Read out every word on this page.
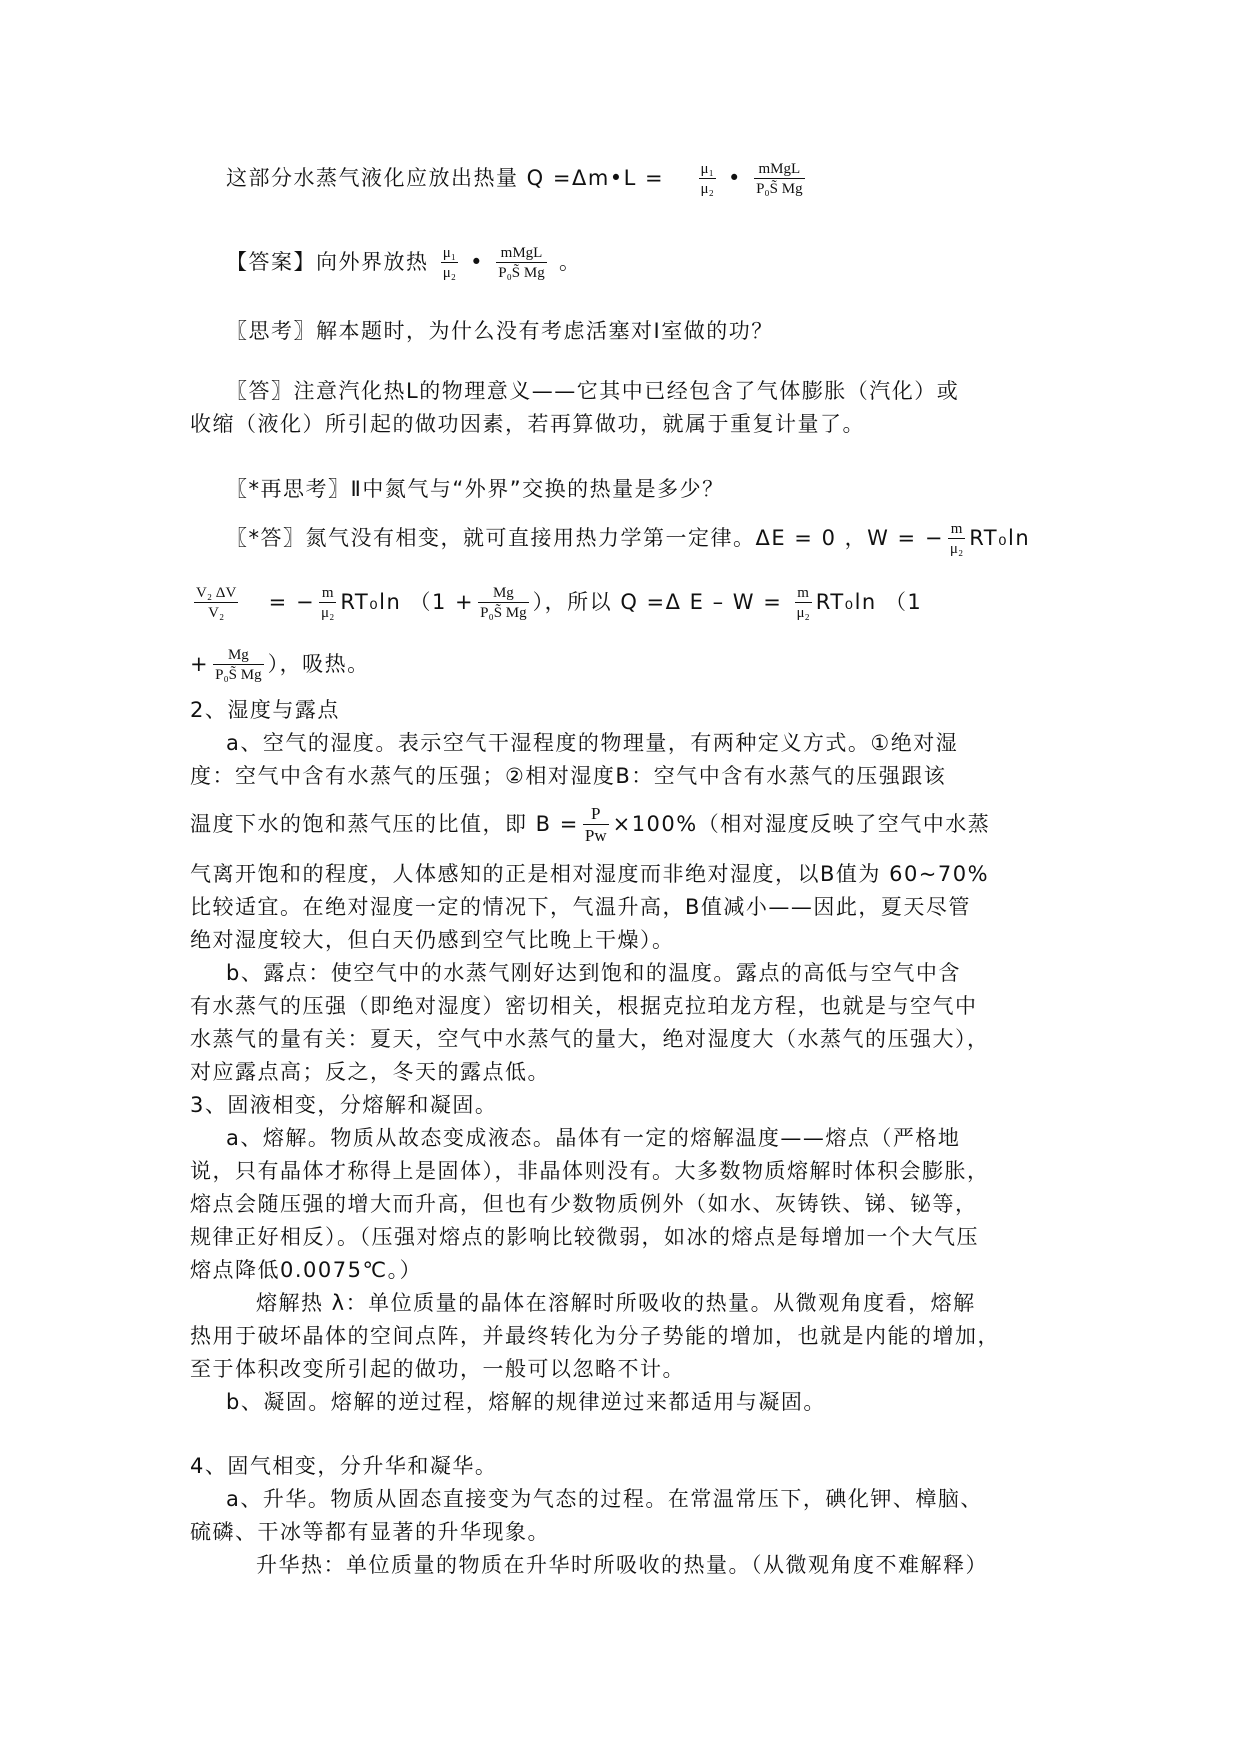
这部分水蒸气液化应放出热量 Q =Δm•L = $\frac{\text{μ₁}}{\text{μ₂}}$ • $\frac{\text{mMgL}}{\text{P₀S̃ Mg}}$
【答案】向外界放热 $\frac{\text{μ₁}}{\text{μ₂}}$ • $\frac{\text{mMgL}}{\text{P₀S̃ Mg}}$ 。
〖思考〗解本题时，为什么没有考虑活塞对Ⅰ室做的功？
〖答〗注意汽化热L的物理意义——它其中已经包含了气体膨胀（汽化）或
收缩（液化）所引起的做功因素，若再算做功，就属于重复计量了。
〖*再思考〗Ⅱ中氮气与“外界”交换的热量是多少？
〖*答〗氮气没有相变，就可直接用热力学第一定律。ΔE = 0 ，W = − $\frac{m}{\text{μ₂}} RT_0\ln$
$\frac{\text{V₂ ΔV}}{\text{V₂}}$ = − $\frac{m}{\text{μ₂}} RT_0\ln$ （$1 + \frac{Mg}{\text{P₀S̃ Mg}}$ ），所以 Q =Δ $E - W = \frac{m}{\text{μ₂}} RT_0\ln$ （1
+ $\frac{Mg}{\text{P₀S̃ Mg}}$ ），吸热。
2、湿度与露点
a、空气的湿度。表示空气干湿程度的物理量，有两种定义方式。①绝对湿
度：空气中含有水蒸气的压强；②相对湿度B：空气中含有水蒸气的压强跟该
温度下水的饱和蒸气压的比值，即 $B = \frac{P}{Pw} \times 100\%$（相对湿度反映了空气中水蒸
气离开饱和的程度，人体感知的正是相对湿度而非绝对湿度，以B值为 60~70%
比较适宜。在绝对湿度一定的情况下，气温升高，B值减小——因此，夏天尽管
绝对湿度较大，但白天仍感到空气比晚上干燥）。
b、露点：使空气中的水蒸气刚好达到饱和的温度。露点的高低与空气中含
有水蒸气的压强（即绝对湿度）密切相关，根据克拉珀龙方程，也就是与空气中
水蒸气的量有关：夏天，空气中水蒸气的量大，绝对湿度大（水蒸气的压强大），
对应露点高；反之，冬天的露点低。
3、固液相变，分熔解和凝固。
a、熔解。物质从故态变成液态。晶体有一定的熔解温度——熔点（严格地
说，只有晶体才称得上是固体），非晶体则没有。大多数物质熔解时体积会膨胀，
熔点会随压强的增大而升高，但也有少数物质例外（如水、灰铸铁、锑、铋等，
规律正好相反）。（压强对熔点的影响比较微弱，如冰的熔点是每增加一个大气压
熔点降低0.0075℃。）
熔解热 λ：单位质量的晶体在溶解时所吸收的热量。从微观角度看，熔解
热用于破坏晶体的空间点阵，并最终转化为分子势能的增加，也就是内能的增加，
至于体积改变所引起的做功，一般可以忽略不计。
b、凝固。熔解的逆过程，熔解的规律逆过来都适用与凝固。
4、固气相变，分升华和凝华。
a、升华。物质从固态直接变为气态的过程。在常温常压下，碘化钾、樟脑、
硫磷、干冰等都有显著的升华现象。
升华热：单位质量的物质在升华时所吸收的热量。（从微观角度不难解释）
